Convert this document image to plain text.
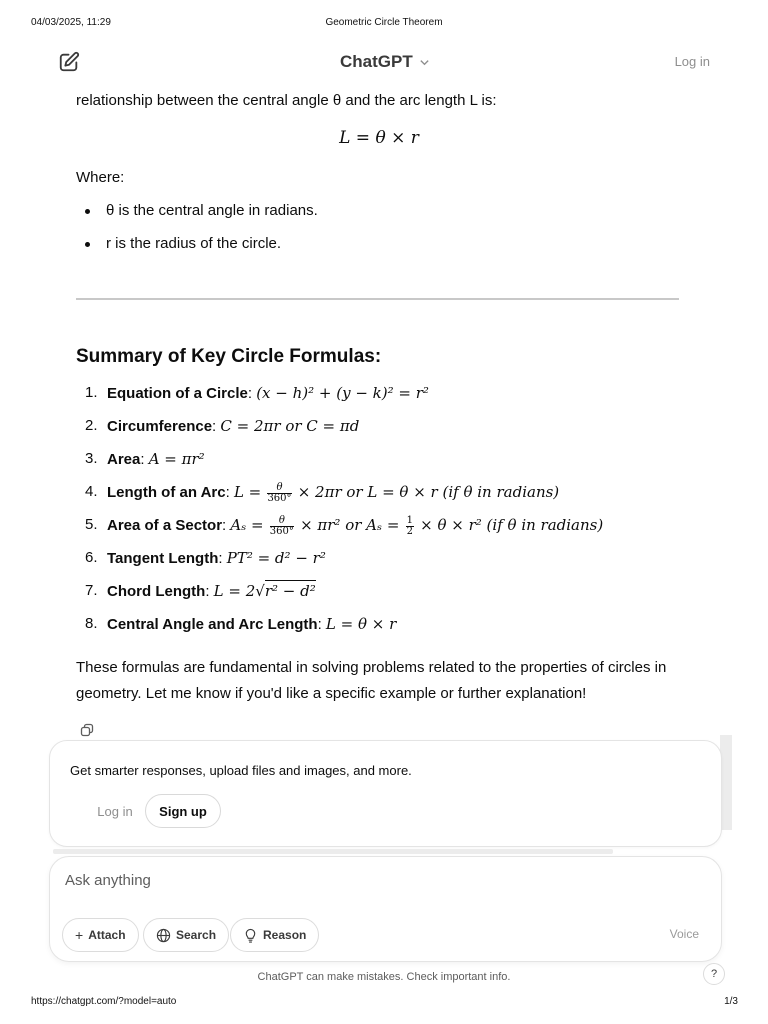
04/03/2025, 11:29	Geometric Circle Theorem
ChatGPT	Log in
relationship between the central angle θ and the arc length L is:
L = θ × r
Where:
θ is the central angle in radians.
r is the radius of the circle.
Summary of Key Circle Formulas:
1. Equation of a Circle: (x − h)² + (y − k)² = r²
2. Circumference: C = 2πr or C = πd
3. Area: A = πr²
4. Length of an Arc: $L = \frac{\theta}{360^\circ} \times 2\pi r$ or L = θ × r (if θ in radians)
5. Area of a Sector: $A_s = \frac{\theta}{360^\circ} \times \pi r^2$ or $A_s = \frac{1}{2} \times \theta \times r^2$ (if θ in radians)
6. Tangent Length: PT² = d² − r²
7. Chord Length: L = 2√r² − d²
8. Central Angle and Arc Length: L = θ × r

These formulas are fundamental in solving problems related to the properties of circles in geometry. Let me know if you'd like a specific example or further explanation!

Get smarter responses, upload files and images, and more.
Log in	Sign up
Ask anything
+ Attach	Search	Reason	Voice
ChatGPT can make mistakes. Check important info.	?
https://chatgpt.com/?model=auto	1/3
